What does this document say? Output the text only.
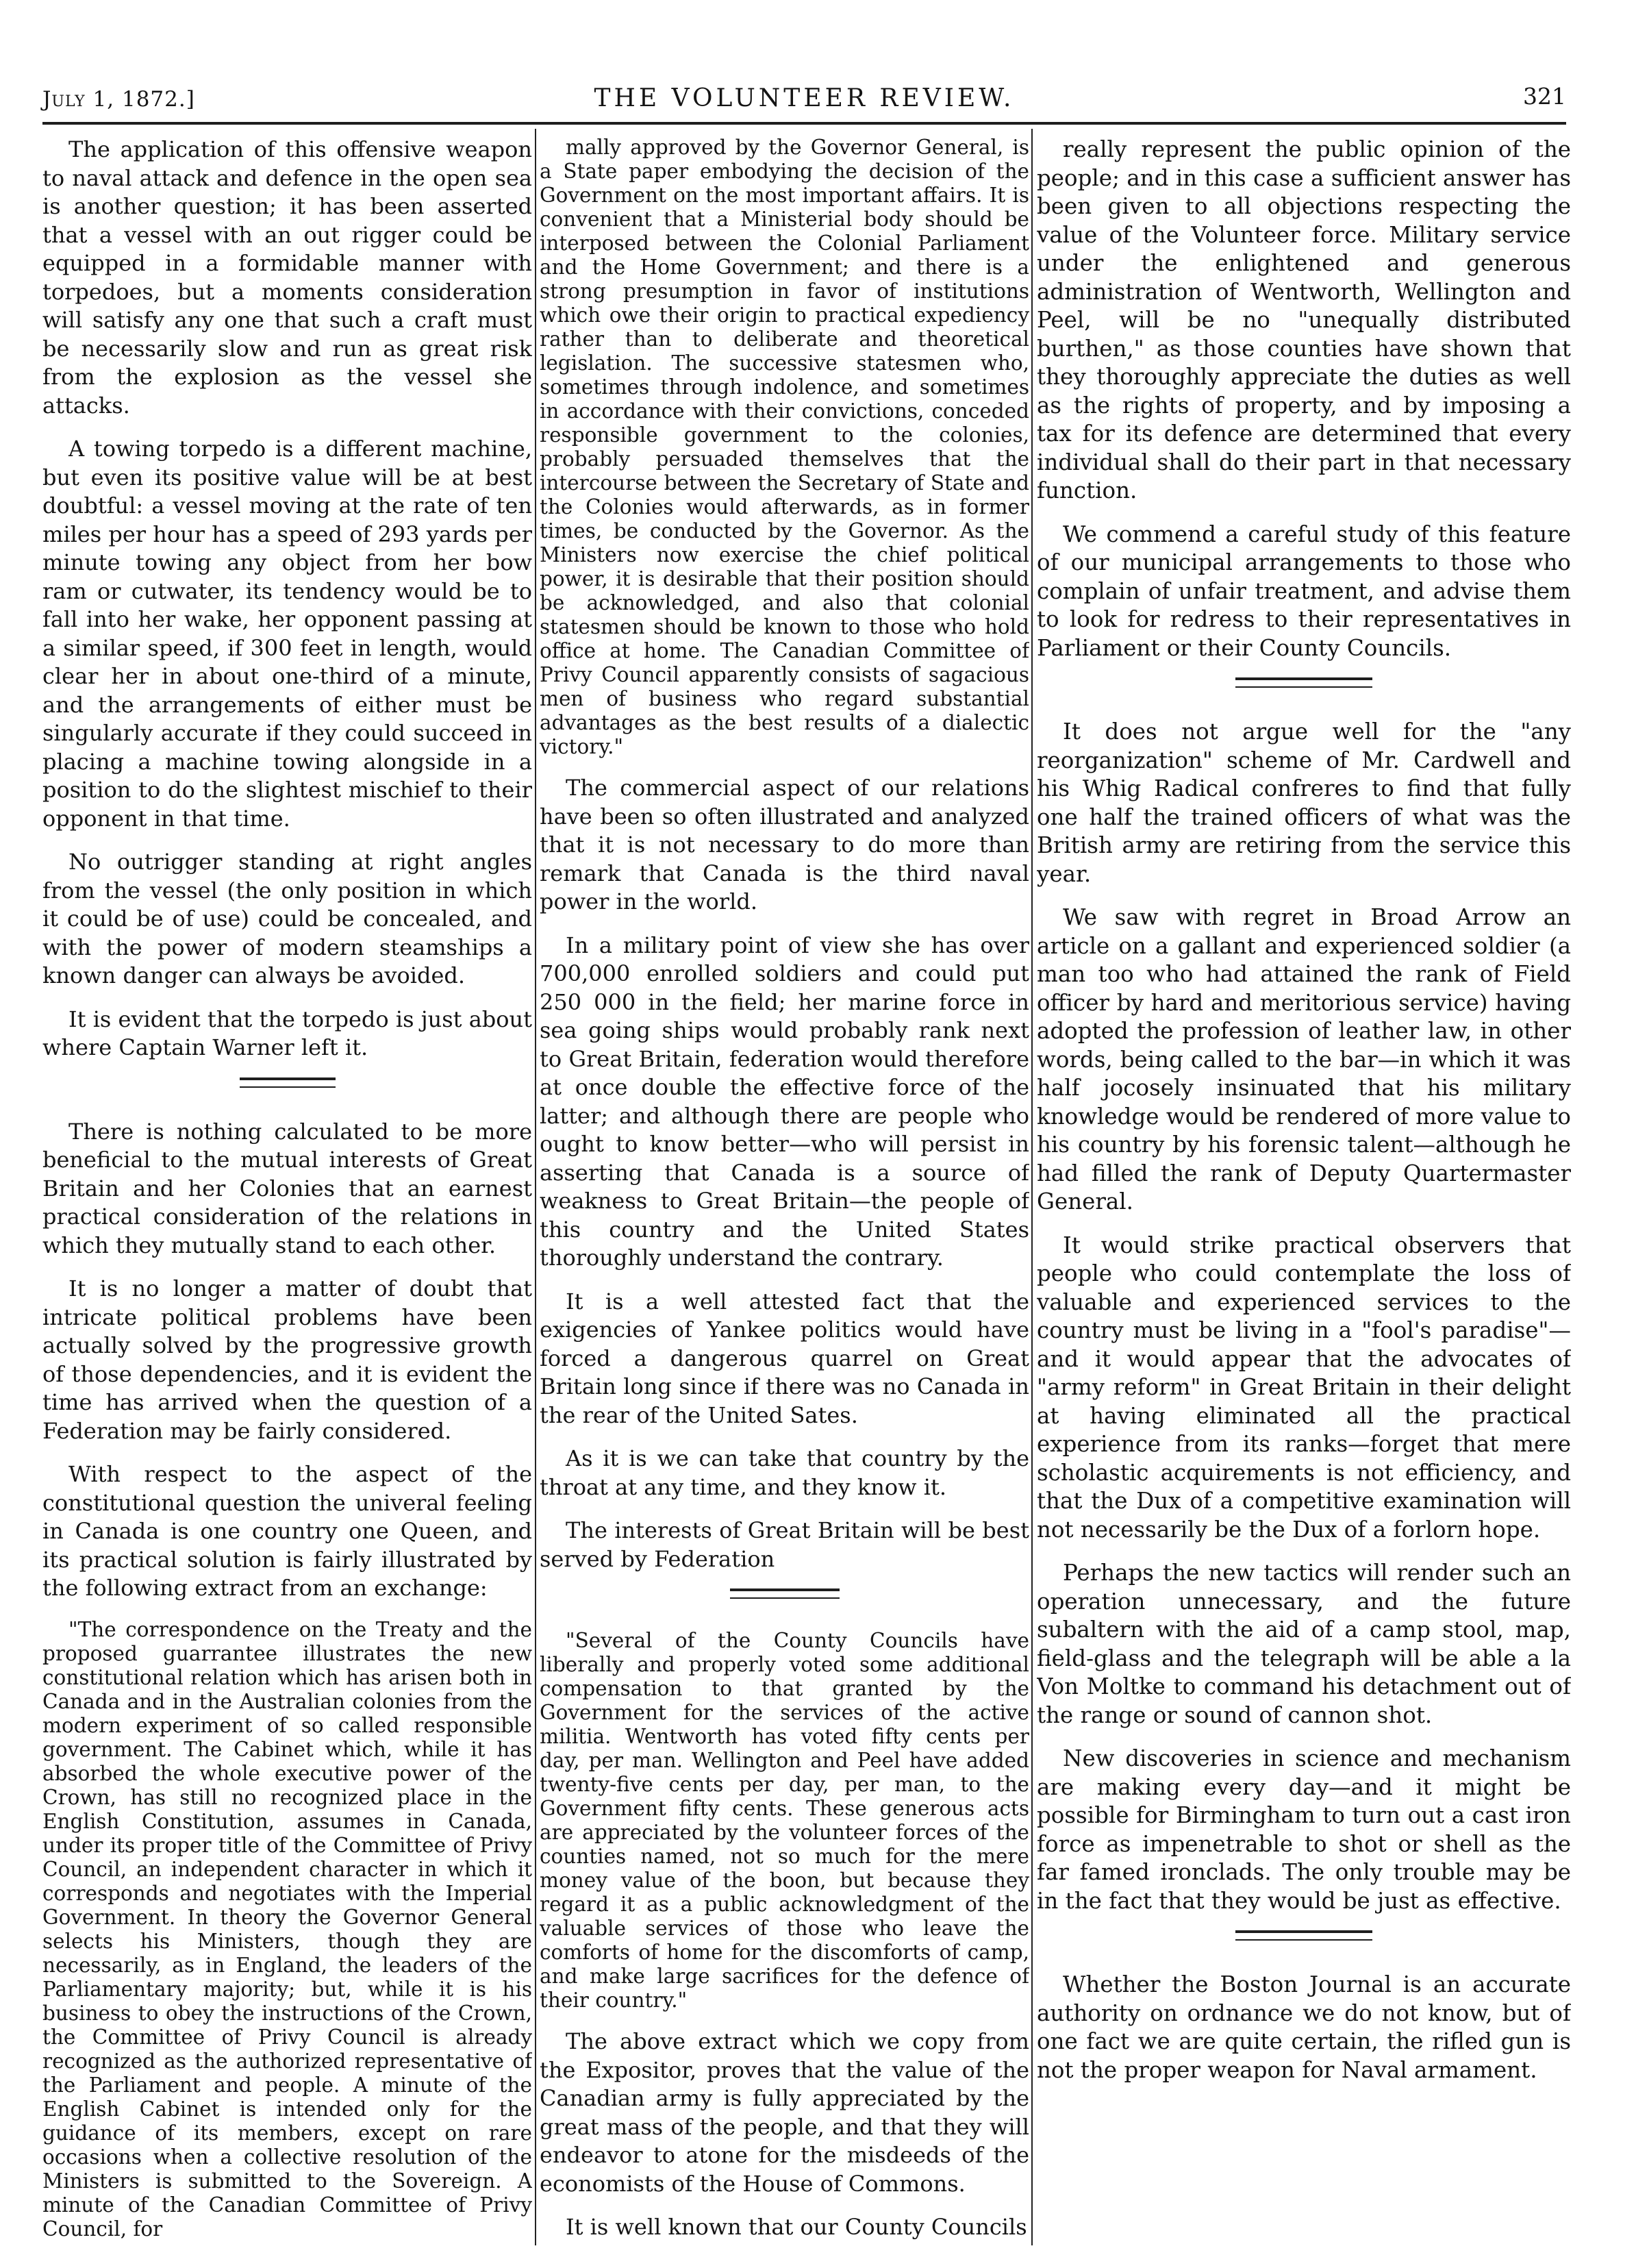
July 1, 1872.]	THE VOLUNTEER REVIEW.	321

The application of this offensive weapon to naval attack and defence in the open sea is another question; it has been asserted that a vessel with an out rigger could be equipped in a formidable manner with torpedoes, but a moments consideration will satisfy any one that such a craft must be necessarily slow and run as great risk from the explosion as the vessel she attacks.

A towing torpedo is a different machine, but even its positive value will be at best doubtful: a vessel moving at the rate of ten miles per hour has a speed of 293 yards per minute towing any object from her bow ram or cutwater, its tendency would be to fall into her wake, her opponent passing at a similar speed, if 300 feet in length, would clear her in about one-third of a minute, and the arrangements of either must be singularly accurate if they could succeed in placing a machine towing alongside in a position to do the slightest mischief to their opponent in that time.

No outrigger standing at right angles from the vessel (the only position in which it could be of use) could be concealed, and with the power of modern steamships a known danger can always be avoided.

It is evident that the torpedo is just about where Captain Warner left it.

There is nothing calculated to be more beneficial to the mutual interests of Great Britain and her Colonies that an earnest practical consideration of the relations in which they mutually stand to each other.

It is no longer a matter of doubt that intricate political problems have been actually solved by the progressive growth of those dependencies, and it is evident the time has arrived when the question of a Federation may be fairly considered.

With respect to the aspect of the constitutional question the univeral feeling in Canada is one country one Queen, and its practical solution is fairly illustrated by the following extract from an exchange:

"The correspondence on the Treaty and the proposed guarrantee illustrates the new constitutional relation which has arisen both in Canada and in the Australian colonies from the modern experiment of so called responsible government. The Cabinet which, while it has absorbed the whole executive power of the Crown, has still no recognized place in the English Constitution, assumes in Canada, under its proper title of the Committee of Privy Council, an independent character in which it corresponds and negotiates with the Imperial Government. In theory the Governor General selects his Ministers, though they are necessarily, as in England, the leaders of the Parliamentary majority; but, while it is his business to obey the instructions of the Crown, the Committee of Privy Council is already recognized as the authorized representative of the Parliament and people. A minute of the English Cabinet is intended only for the guidance of its members, except on rare occasions when a collective resolution of the Ministers is submitted to the Sovereign. A minute of the Canadian Committee of Privy Council, for

mally approved by the Governor General, is a State paper embodying the decision of the Government on the most important affairs. It is convenient that a Ministerial body should be interposed between the Colonial Parliament and the Home Government; and there is a strong presumption in favor of institutions which owe their origin to practical expediency rather than to deliberate and theoretical legislation. The successive statesmen who, sometimes through indolence, and sometimes in accordance with their convictions, conceded responsible government to the colonies, probably persuaded themselves that the intercourse between the Secretary of State and the Colonies would afterwards, as in former times, be conducted by the Governor. As the Ministers now exercise the chief political power, it is desirable that their position should be acknowledged, and also that colonial statesmen should be known to those who hold office at home. The Canadian Committee of Privy Council apparently consists of sagacious men of business who regard substantial advantages as the best results of a dialectic victory."

The commercial aspect of our relations have been so often illustrated and analyzed that it is not necessary to do more than remark that Canada is the third naval power in the world.

In a military point of view she has over 700,000 enrolled soldiers and could put 250 000 in the field; her marine force in sea going ships would probably rank next to Great Britain, federation would therefore at once double the effective force of the latter; and although there are people who ought to know better—who will persist in asserting that Canada is a source of weakness to Great Britain—the people of this country and the United States thoroughly understand the contrary.

It is a well attested fact that the exigencies of Yankee politics would have forced a dangerous quarrel on Great Britain long since if there was no Canada in the rear of the United Sates.

As it is we can take that country by the throat at any time, and they know it.

The interests of Great Britain will be best served by Federation

"Several of the County Councils have liberally and properly voted some additional compensation to that granted by the Government for the services of the active militia. Wentworth has voted fifty cents per day, per man. Wellington and Peel have added twenty-five cents per day, per man, to the Government fifty cents. These generous acts are appreciated by the volunteer forces of the counties named, not so much for the mere money value of the boon, but because they regard it as a public acknowledgment of the valuable services of those who leave the comforts of home for the discomforts of camp, and make large sacrifices for the defence of their country."

The above extract which we copy from the Expositor, proves that the value of the Canadian army is fully appreciated by the great mass of the people, and that they will endeavor to atone for the misdeeds of the economists of the House of Commons.

It is well known that our County Councils

really represent the public opinion of the people; and in this case a sufficient answer has been given to all objections respecting the value of the Volunteer force. Military service under the enlightened and generous administration of Wentworth, Wellington and Peel, will be no "unequally distributed burthen," as those counties have shown that they thoroughly appreciate the duties as well as the rights of property, and by imposing a tax for its defence are determined that every individual shall do their part in that necessary function.

We commend a careful study of this feature of our municipal arrangements to those who complain of unfair treatment, and advise them to look for redress to their representatives in Parliament or their County Councils.

It does not argue well for the "any reorganization" scheme of Mr. Cardwell and his Whig Radical confreres to find that fully one half the trained officers of what was the British army are retiring from the service this year.

We saw with regret in Broad Arrow an article on a gallant and experienced soldier (a man too who had attained the rank of Field officer by hard and meritorious service) having adopted the profession of leather law, in other words, being called to the bar—in which it was half jocosely insinuated that his military knowledge would be rendered of more value to his country by his forensic talent—although he had filled the rank of Deputy Quartermaster General.

It would strike practical observers that people who could contemplate the loss of valuable and experienced services to the country must be living in a "fool's paradise"—and it would appear that the advocates of "army reform" in Great Britain in their delight at having eliminated all the practical experience from its ranks—forget that mere scholastic acquirements is not efficiency, and that the Dux of a competitive examination will not necessarily be the Dux of a forlorn hope.

Perhaps the new tactics will render such an operation unnecessary, and the future subaltern with the aid of a camp stool, map, field-glass and the telegraph will be able a la Von Moltke to command his detachment out of the range or sound of cannon shot.

New discoveries in science and mechanism are making every day—and it might be possible for Birmingham to turn out a cast iron force as impenetrable to shot or shell as the far famed ironclads. The only trouble may be in the fact that they would be just as effective.

Whether the Boston Journal is an accurate authority on ordnance we do not know, but of one fact we are quite certain, the rifled gun is not the proper weapon for Naval armament.
